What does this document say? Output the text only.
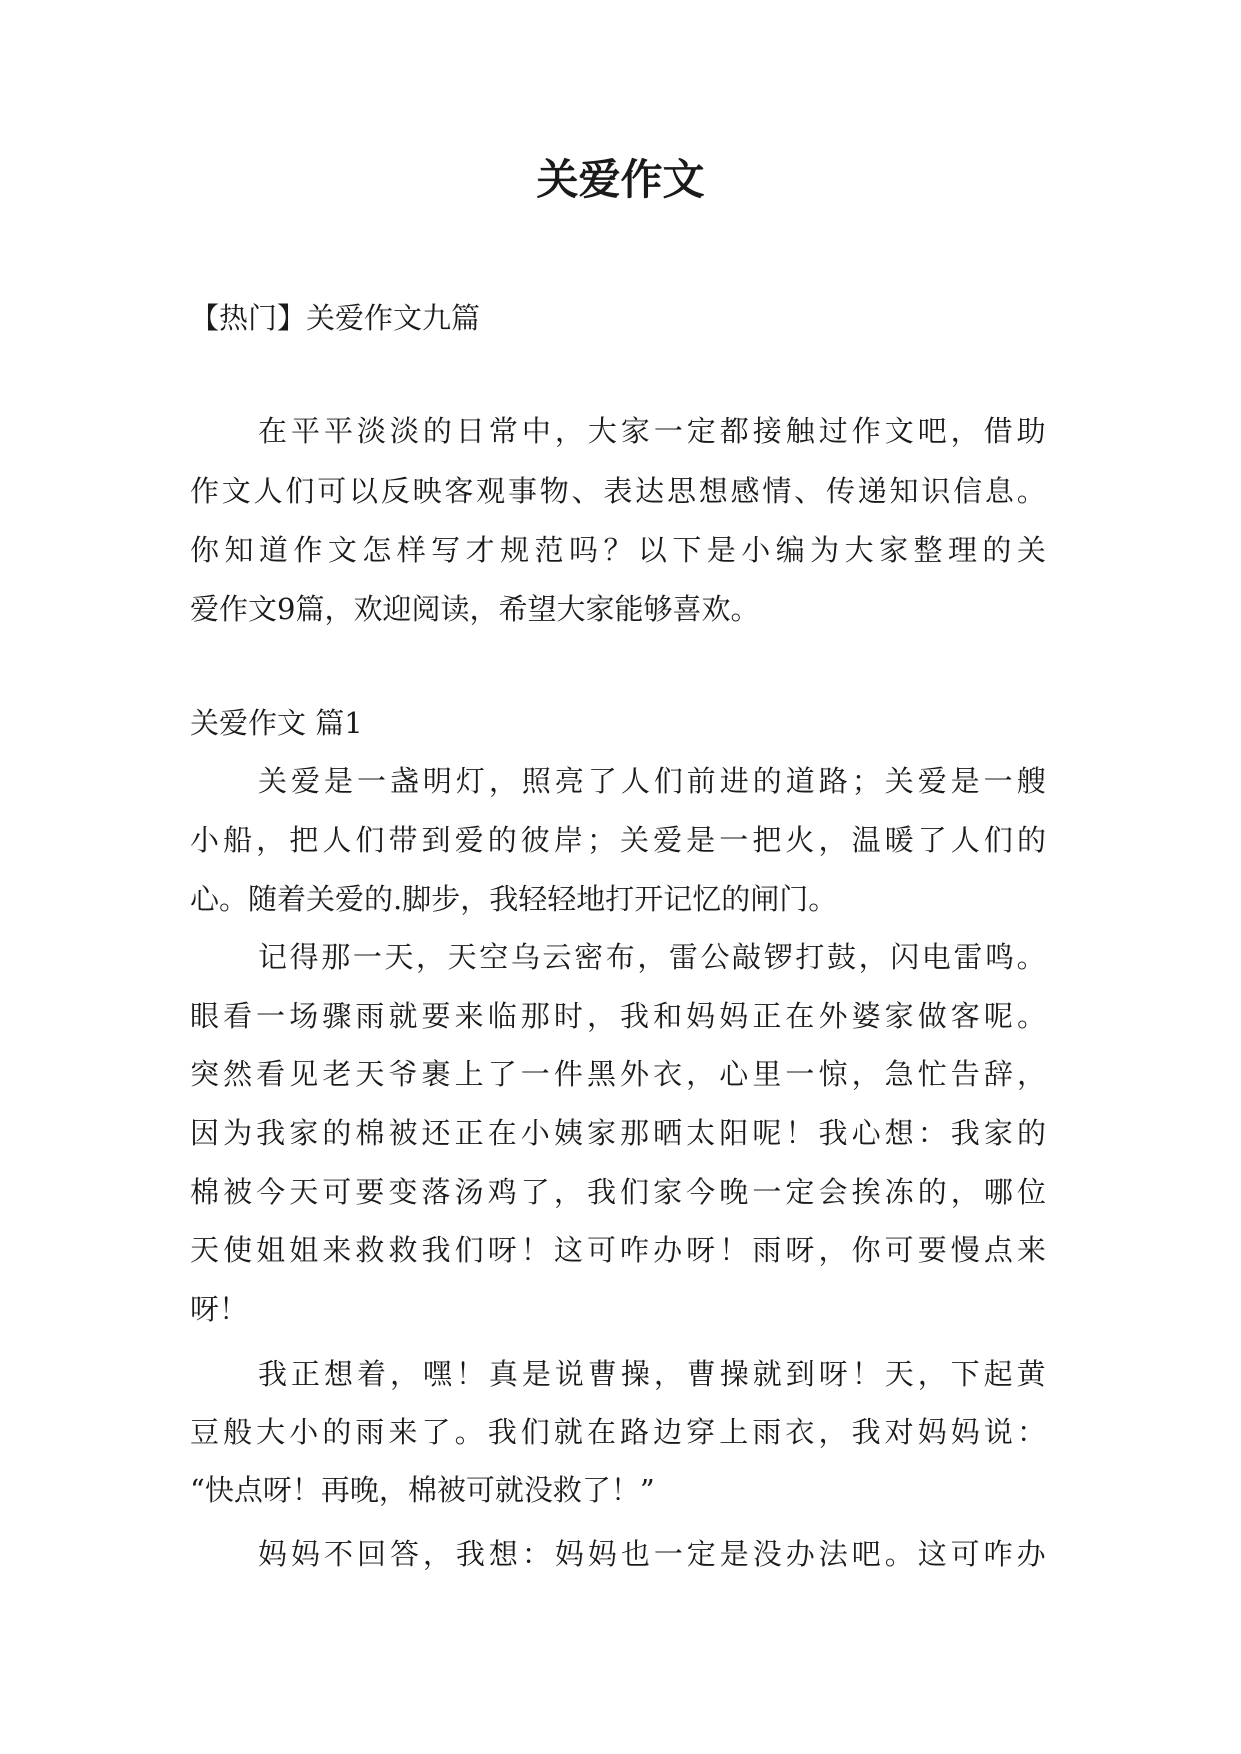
关爱作文
【热门】关爱作文九篇
在 平 平 淡 淡 的 日 常 中 ， 大 家 一 定 都 接 触 过 作 文 吧 ， 借 助
作 文 人 们 可 以 反 映 客 观 事 物 、 表 达 思 想 感 情 、 传 递 知 识 信 息 。
你 知 道 作 文 怎 样 写 才 规 范 吗 ？ 以 下 是 小 编 为 大 家 整 理 的 关
爱作文9篇，欢迎阅读，希望大家能够喜欢。
关爱作文 篇1
关 爱 是 一 盏 明 灯 ， 照 亮 了 人 们 前 进 的 道 路 ； 关 爱 是 一 艘
小 船 ， 把 人 们 带 到 爱 的 彼 岸 ； 关 爱 是 一 把 火 ， 温 暖 了 人 们 的
心。随着关爱的.脚步，我轻轻地打开记忆的闸门。
记 得 那 一 天 ， 天 空 乌 云 密 布 ， 雷 公 敲 锣 打 鼓 ， 闪 电 雷 鸣 。
眼 看 一 场 骤 雨 就 要 来 临 那 时 ， 我 和 妈 妈 正 在 外 婆 家 做 客 呢 。
突 然 看 见 老 天 爷 裹 上 了 一 件 黑 外 衣 ， 心 里 一 惊 ， 急 忙 告 辞 ，
因 为 我 家 的 棉 被 还 正 在 小 姨 家 那 晒 太 阳 呢 ！ 我 心 想 ： 我 家 的
棉 被 今 天 可 要 变 落 汤 鸡 了 ， 我 们 家 今 晚 一 定 会 挨 冻 的 ， 哪 位
天 使 姐 姐 来 救 救 我 们 呀 ！ 这 可 咋 办 呀 ！ 雨 呀 ， 你 可 要 慢 点 来
呀！
我 正 想 着 ， 嘿 ！ 真 是 说 曹 操 ， 曹 操 就 到 呀 ！ 天 ， 下 起 黄
豆 般 大 小 的 雨 来 了 。 我 们 就 在 路 边 穿 上 雨 衣 ， 我 对 妈 妈 说 ：
“快点呀！再晚，棉被可就没救了！”
妈 妈 不 回 答 ， 我 想 ： 妈 妈 也 一 定 是 没 办 法 吧 。 这 可 咋 办
